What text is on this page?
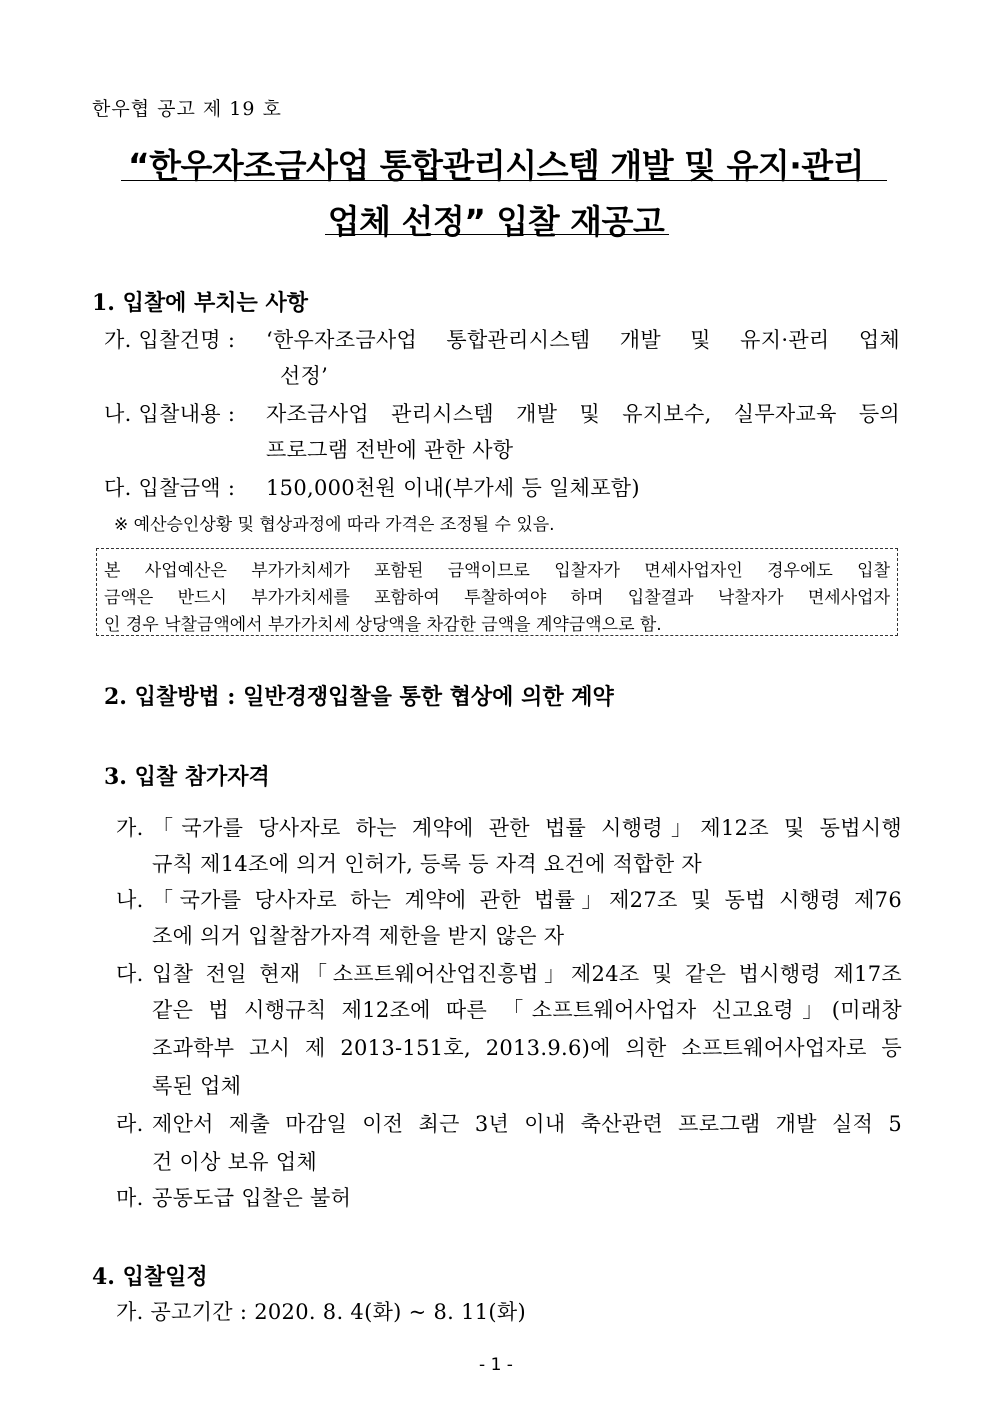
한우협 공고 제 19 호
“한우자조금사업 통합관리시스템 개발 및 유지·관리
업체 선정” 입찰 재공고
1. 입찰에 부치는 사항
가. 입찰건명 : ‘한우자조금사업 통합관리시스템 개발 및 유지·관리 업체
선정’
나. 입찰내용 : 자조금사업 관리시스템 개발 및 유지보수, 실무자교육 등의
프로그램 전반에 관한 사항
다. 입찰금액 : 150,000천원 이내(부가세 등 일체포함)
※ 예산승인상황 및 협상과정에 따라 가격은 조정될 수 있음.
본 사업예산은 부가가치세가 포함된 금액이므로 입찰자가 면세사업자인 경우에도 입찰
금액은 반드시 부가가치세를 포함하여 투찰하여야 하며 입찰결과 낙찰자가 면세사업자
인 경우 낙찰금액에서 부가가치세 상당액을 차감한 금액을 계약금액으로 함.
2. 입찰방법 : 일반경쟁입찰을 통한 협상에 의한 계약
3. 입찰 참가자격
가. 「국가를 당사자로 하는 계약에 관한 법률 시행령」제12조 및 동법시행
규칙 제14조에 의거 인허가, 등록 등 자격 요건에 적합한 자
나. 「국가를 당사자로 하는 계약에 관한 법률」제27조 및 동법 시행령 제76
조에 의거 입찰참가자격 제한을 받지 않은 자
다. 입찰 전일 현재「소프트웨어산업진흥법」제24조 및 같은 법시행령 제17조
같은 법 시행규칙 제12조에 따른 「소프트웨어사업자 신고요령」(미래창
조과학부 고시 제 2013-151호, 2013.9.6)에 의한 소프트웨어사업자로 등
록된 업체
라. 제안서 제출 마감일 이전 최근 3년 이내 축산관련 프로그램 개발 실적 5
건 이상 보유 업체
마. 공동도급 입찰은 불허
4. 입찰일정
가. 공고기간 : 2020. 8. 4(화) ~ 8. 11(화)
- 1 -
